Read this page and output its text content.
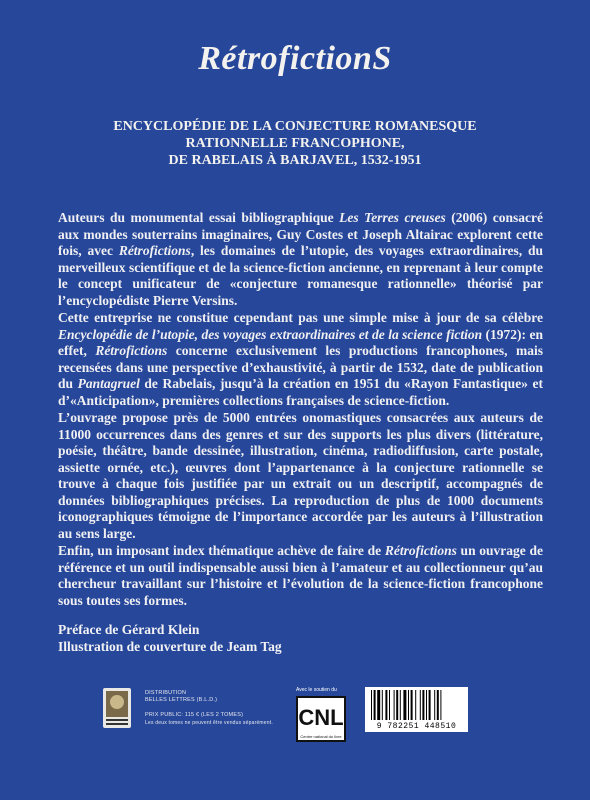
RétrofictionS
ENCYCLOPÉDIE DE LA CONJECTURE ROMANESQUE
RATIONNELLE FRANCOPHONE,
DE RABELAIS À BARJAVEL, 1532-1951

Auteurs du monumental essai bibliographique Les Terres creuses (2006) consacré aux mondes souterrains imaginaires, Guy Costes et Joseph Altairac explorent cette fois, avec Rétrofictions, les domaines de l’utopie, des voyages extraordinaires, du merveilleux scientifique et de la science-fiction ancienne, en reprenant à leur compte le concept unificateur de «conjecture romanesque rationnelle» théorisé par l’encyclopédiste Pierre Versins.

Cette entreprise ne constitue cependant pas une simple mise à jour de sa célèbre Encyclopédie de l’utopie, des voyages extraordinaires et de la science fiction (1972): en effet, Rétrofictions concerne exclusivement les productions francophones, mais recensées dans une perspective d’exhaustivité, à partir de 1532, date de publication du Pantagruel de Rabelais, jusqu’à la création en 1951 du «Rayon Fantastique» et d’«Anticipation», premières collections françaises de science-fiction.

L’ouvrage propose près de 5000 entrées onomastiques consacrées aux auteurs de 11000 occurrences dans des genres et sur des supports les plus divers (littérature, poésie, théâtre, bande dessinée, illustration, cinéma, radiodiffusion, carte postale, assiette ornée, etc.), œuvres dont l’appartenance à la conjecture rationnelle se trouve à chaque fois justifiée par un extrait ou un descriptif, accompagnés de données bibliographiques précises. La reproduction de plus de 1000 documents iconographiques témoigne de l’importance accordée par les auteurs à l’illustration au sens large.

Enfin, un imposant index thématique achève de faire de Rétrofictions un ouvrage de référence et un outil indispensable aussi bien à l’amateur et au collectionneur qu’au chercheur travaillant sur l’histoire et l’évolution de la science-fiction francophone sous toutes ses formes.

Préface de Gérard Klein
Illustration de couverture de Jeam Tag
DISTRIBUTION
BELLES LETTRES (B.L.D.)
PRIX PUBLIC: 115 € (LES 2 TOMES)
Les deux tomes ne peuvent être vendus séparément.
Avec le soutien du
CNL
Centre national du livre
9 782251 448510
